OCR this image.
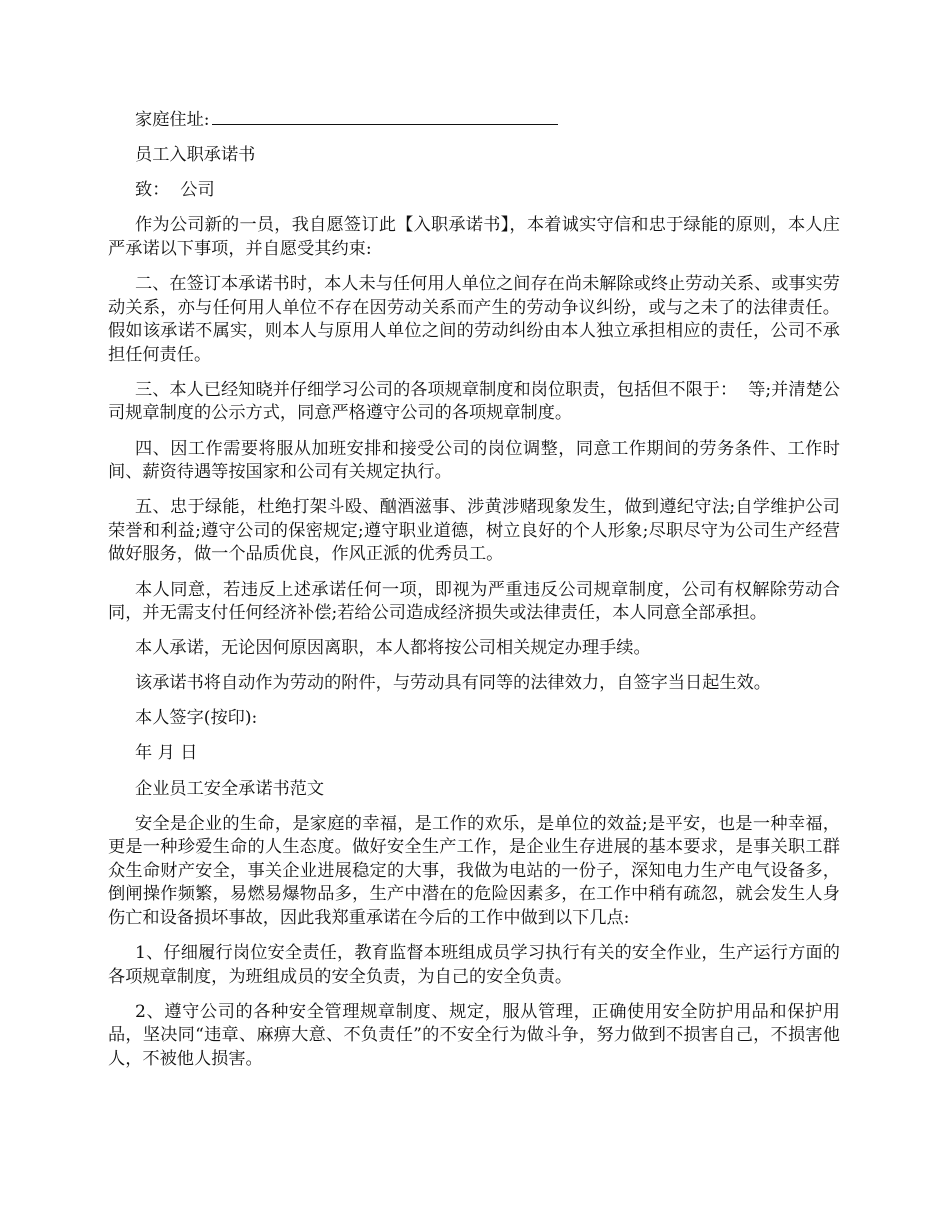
家庭住址:

员工入职承诺书

致：  公司

作为公司新的一员，我自愿签订此【入职承诺书】，本着诚实守信和忠于绿能的原则，本人庄严承诺以下事项，并自愿受其约束:

二、在签订本承诺书时，本人未与任何用人单位之间存在尚未解除或终止劳动关系、或事实劳动关系，亦与任何用人单位不存在因劳动关系而产生的劳动争议纠纷，或与之未了的法律责任。假如该承诺不属实，则本人与原用人单位之间的劳动纠纷由本人独立承担相应的责任，公司不承担任何责任。

三、本人已经知晓并仔细学习公司的各项规章制度和岗位职责，包括但不限于：  等;并清楚公司规章制度的公示方式，同意严格遵守公司的各项规章制度。

四、因工作需要将服从加班安排和接受公司的岗位调整，同意工作期间的劳务条件、工作时间、薪资待遇等按国家和公司有关规定执行。

五、忠于绿能，杜绝打架斗殴、酗酒滋事、涉黄涉赌现象发生，做到遵纪守法;自学维护公司荣誉和利益;遵守公司的保密规定;遵守职业道德，树立良好的个人形象;尽职尽守为公司生产经营做好服务，做一个品质优良，作风正派的优秀员工。

本人同意，若违反上述承诺任何一项，即视为严重违反公司规章制度，公司有权解除劳动合同，并无需支付任何经济补偿;若给公司造成经济损失或法律责任，本人同意全部承担。

本人承诺，无论因何原因离职，本人都将按公司相关规定办理手续。

该承诺书将自动作为劳动的附件，与劳动具有同等的法律效力，自签字当日起生效。

本人签字(按印):

年 月 日

企业员工安全承诺书范文

安全是企业的生命，是家庭的幸福，是工作的欢乐，是单位的效益;是平安，也是一种幸福，更是一种珍爱生命的人生态度。做好安全生产工作，是企业生存进展的基本要求，是事关职工群众生命财产安全，事关企业进展稳定的大事，我做为电站的一份子，深知电力生产电气设备多，倒闸操作频繁，易燃易爆物品多，生产中潜在的危险因素多，在工作中稍有疏忽，就会发生人身伤亡和设备损坏事故，因此我郑重承诺在今后的工作中做到以下几点:

1、仔细履行岗位安全责任，教育监督本班组成员学习执行有关的安全作业，生产运行方面的各项规章制度，为班组成员的安全负责，为自己的安全负责。

2、遵守公司的各种安全管理规章制度、规定，服从管理，正确使用安全防护用品和保护用品，坚决同“违章、麻痹大意、不负责任”的不安全行为做斗争，努力做到不损害自己，不损害他人，不被他人损害。
